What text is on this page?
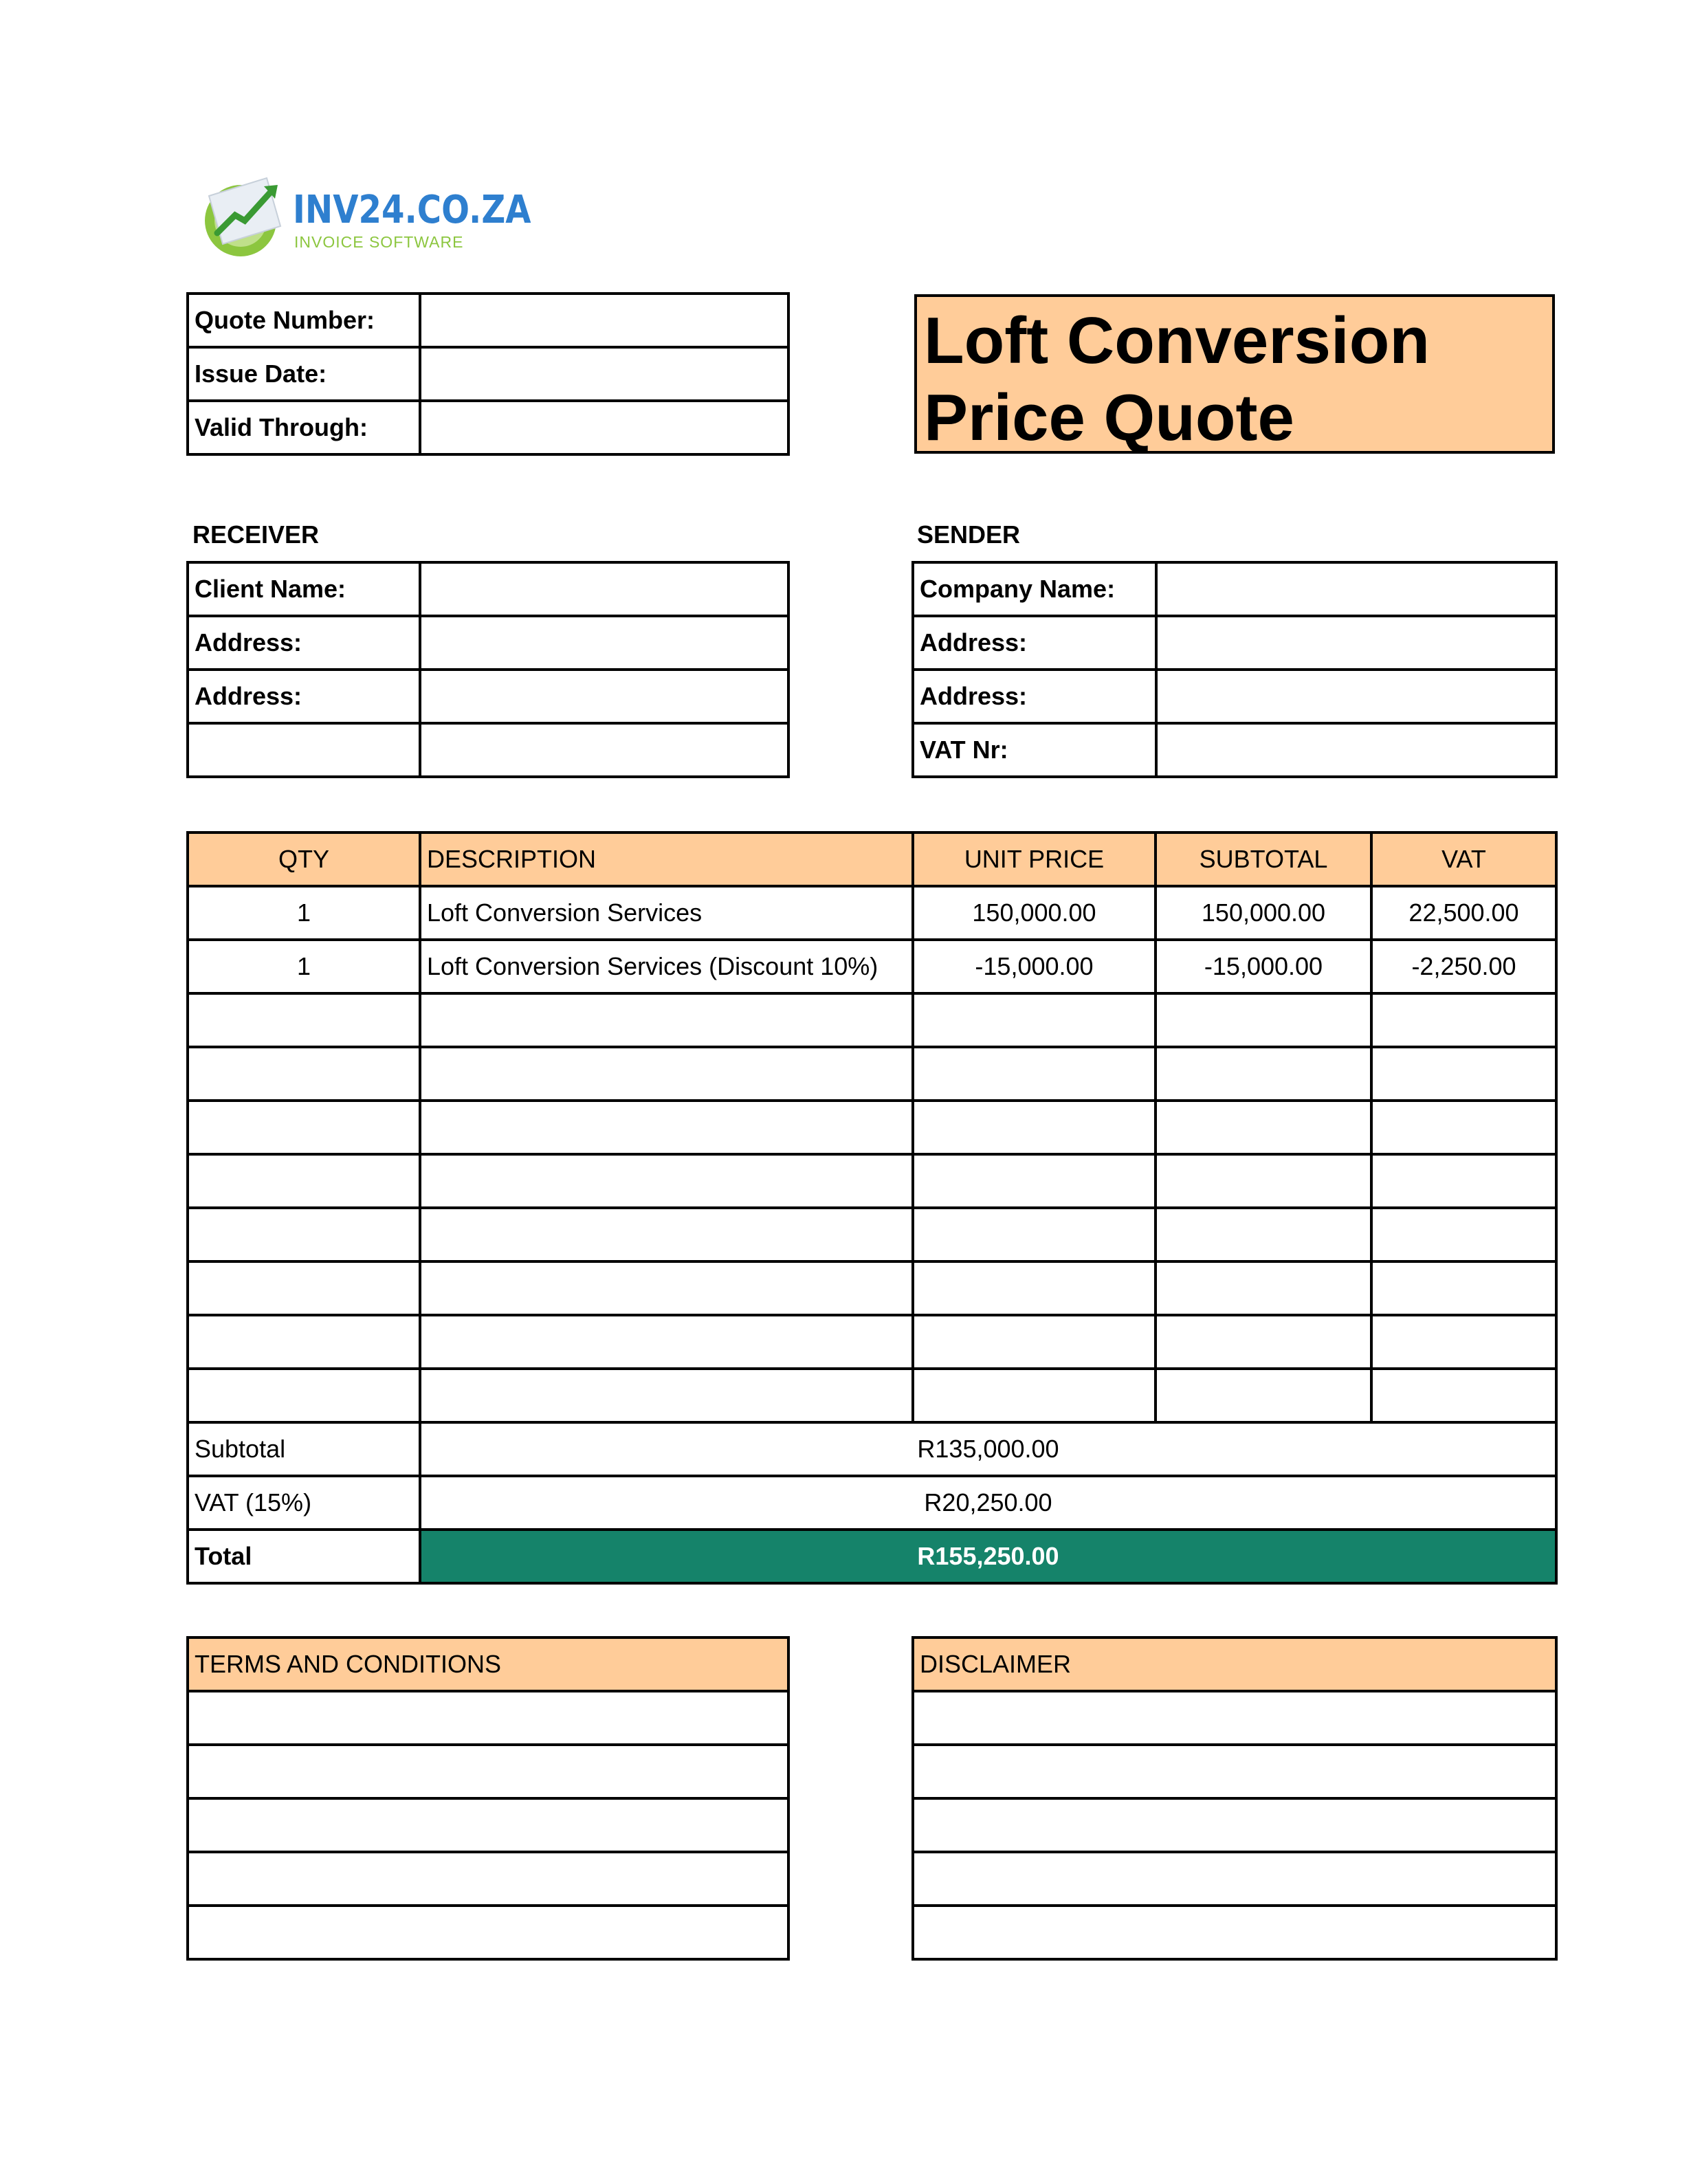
INV24.CO.ZA
INVOICE SOFTWARE
Quote Number:	
Issue Date:	
Valid Through:	
Loft Conversion
Price Quote
RECEIVER
Client Name:	
Address:	
Address:	

SENDER
Company Name:	
Address:	
Address:	
VAT Nr:	
QTY	DESCRIPTION	UNIT PRICE	SUBTOTAL	VAT
1	Loft Conversion Services	150,000.00	150,000.00	22,500.00
1	Loft Conversion Services (Discount 10%)	-15,000.00	-15,000.00	-2,250.00

Subtotal	R135,000.00			
VAT (15%)	R20,250.00			
Total	R155,250.00			
TERMS AND CONDITIONS	DISCLAIMER
